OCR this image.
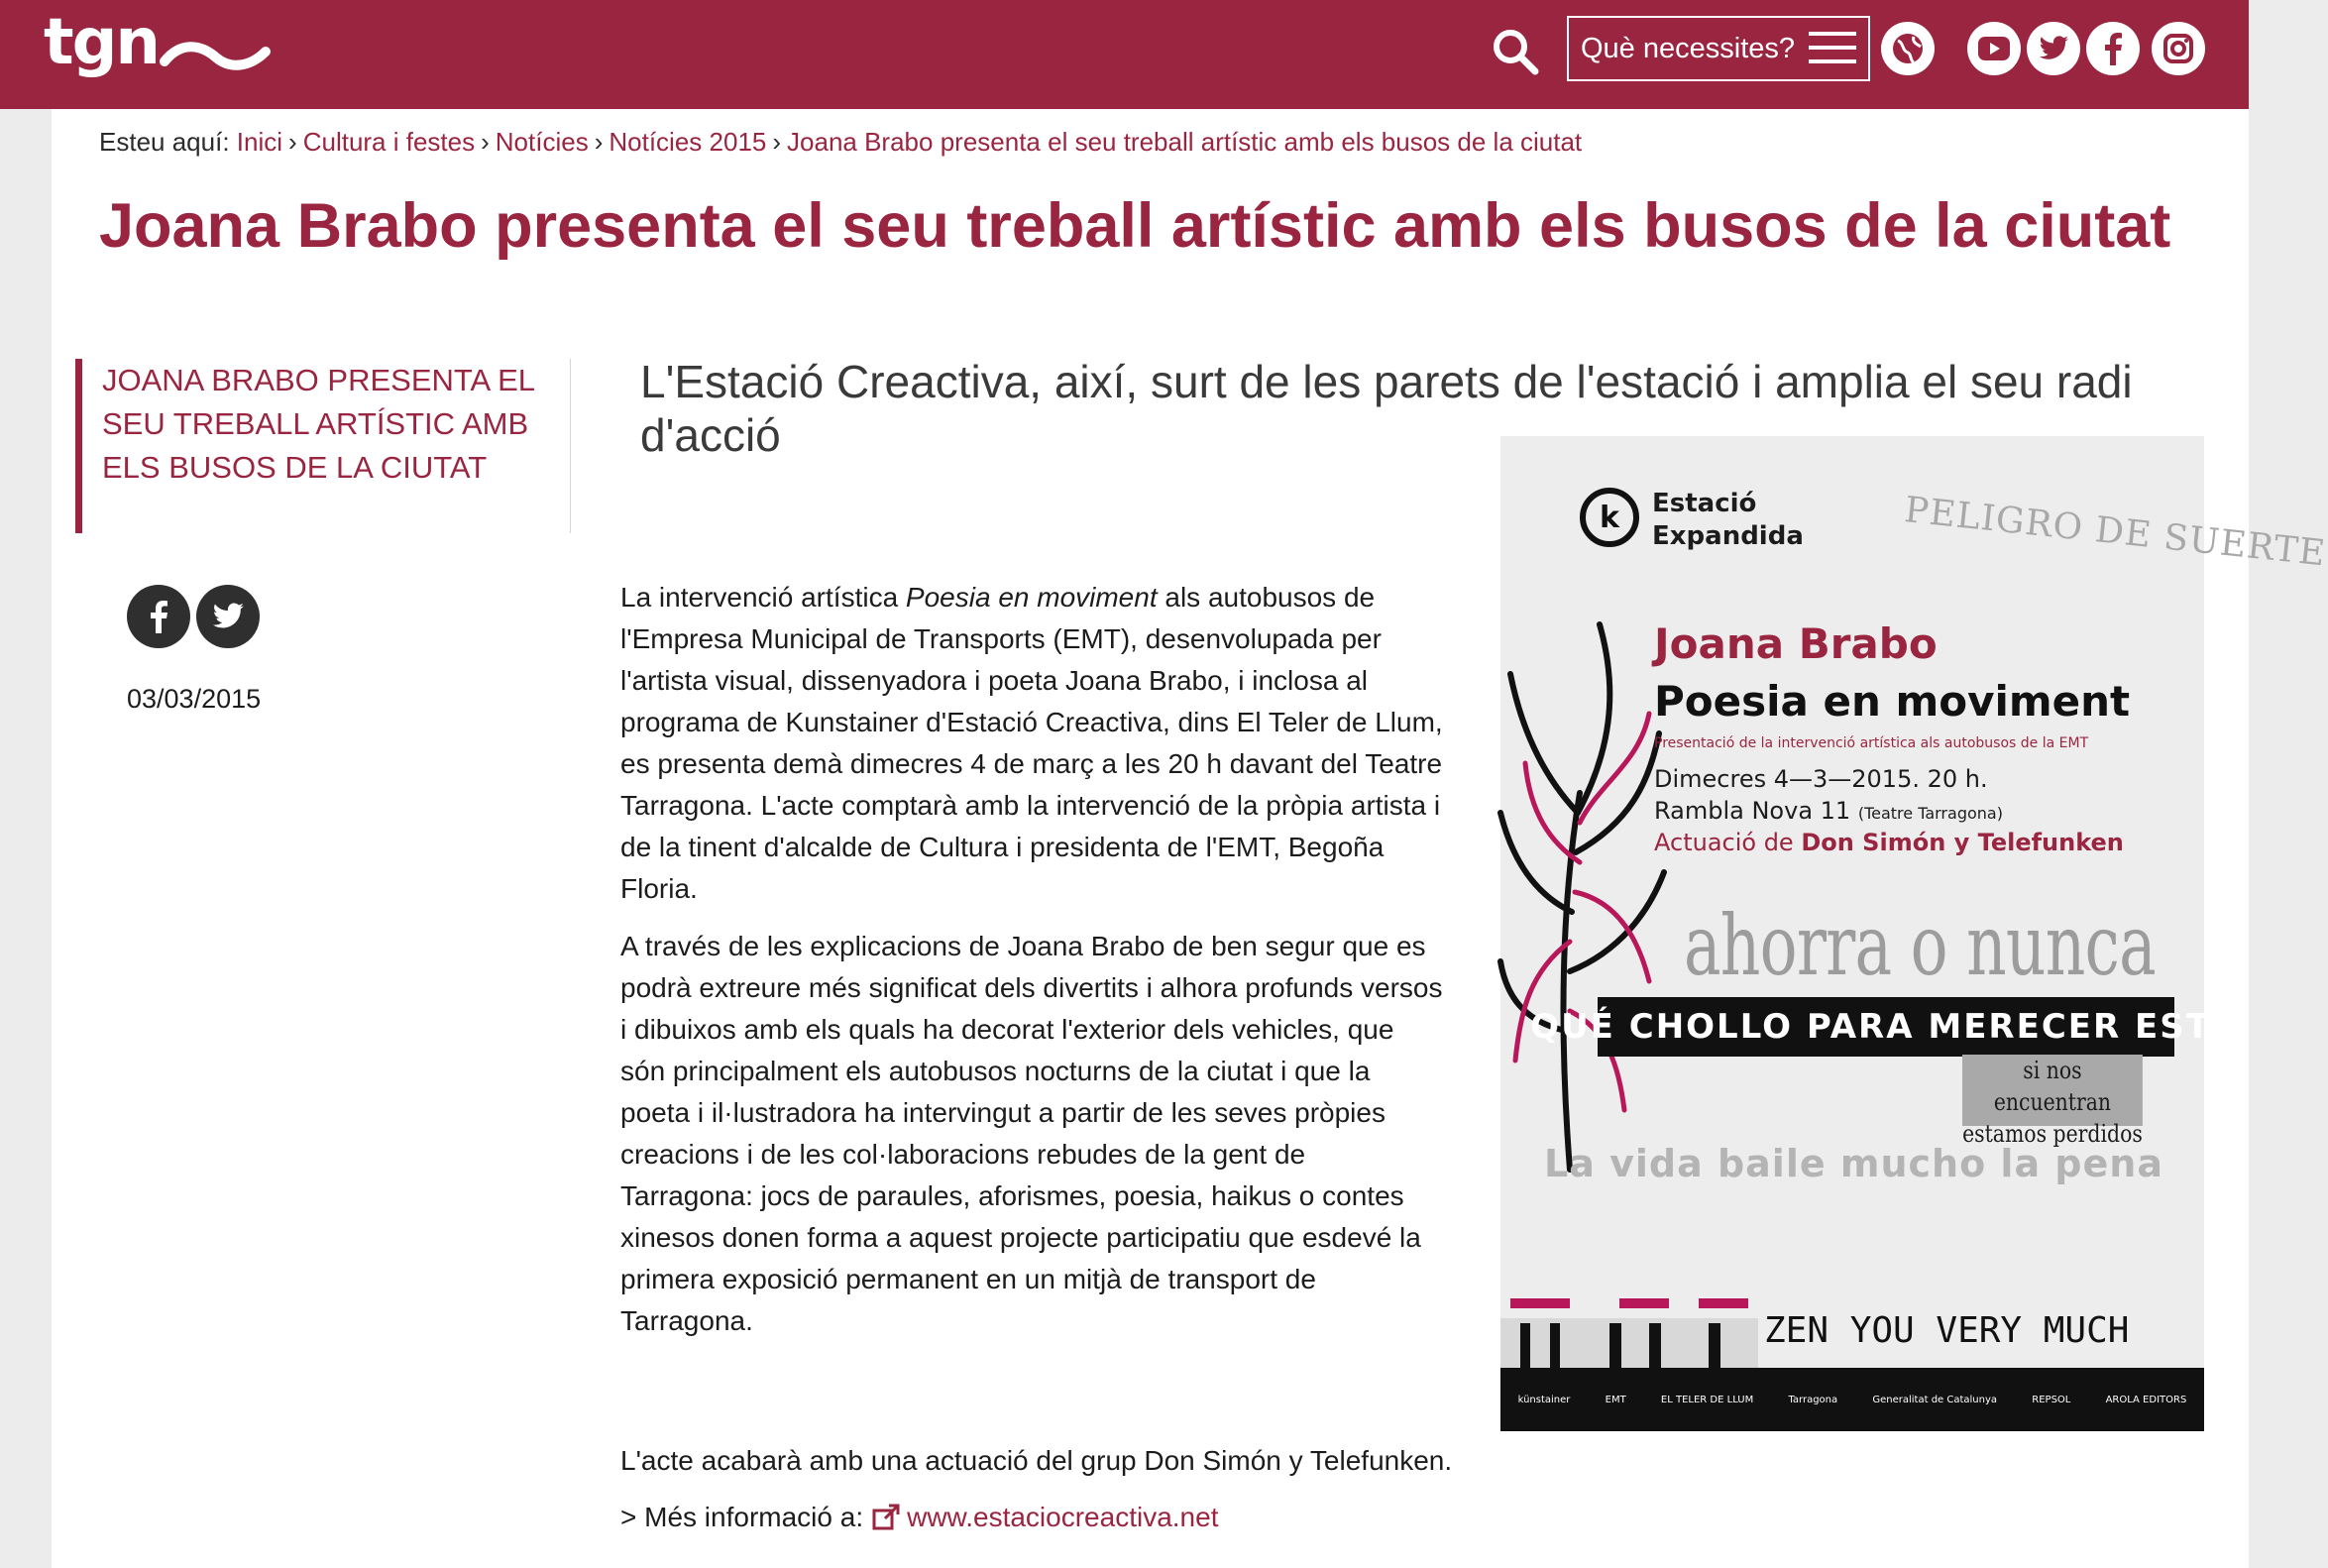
tgn	Què necessites?
Esteu aquí: Inici › Cultura i festes › Notícies › Notícies 2015 › Joana Brabo presenta el seu treball artístic amb els busos de la ciutat
Joana Brabo presenta el seu treball artístic amb els busos de la ciutat
JOANA BRABO PRESENTA EL SEU TREBALL ARTÍSTIC AMB ELS BUSOS DE LA CIUTAT
03/03/2015
L'Estació Creactiva, així, surt de les parets de l'estació i amplia el seu radi d'acció

La intervenció artística Poesia en moviment als autobusos de l'Empresa Municipal de Transports (EMT), desenvolupada per l'artista visual, dissenyadora i poeta Joana Brabo, i inclosa al programa de Kunstainer d'Estació Creactiva, dins El Teler de Llum, es presenta demà dimecres 4 de març a les 20 h davant del Teatre Tarragona. L'acte comptarà amb la intervenció de la pròpia artista i de la tinent d'alcalde de Cultura i presidenta de l'EMT, Begoña Floria.

A través de les explicacions de Joana Brabo de ben segur que es podrà extreure més significat dels divertits i alhora profunds versos i dibuixos amb els quals ha decorat l'exterior dels vehicles, que són principalment els autobusos nocturns de la ciutat i que la poeta i il·lustradora ha intervingut a partir de les seves pròpies creacions i de les col·laboracions rebudes de la gent de Tarragona: jocs de paraules, aforismes, poesia, haikus o contes xinesos donen forma a aquest projecte participatiu que esdevé la primera exposició permanent en un mitjà de transport de Tarragona.

L'acte acabarà amb una actuació del grup Don Simón y Telefunken.
> Més informació a: www.estaciocreactiva.net
k	Estació
Expandida	PELIGRO DE SUERTE
Joana Brabo
Poesia en moviment
Presentació de la intervenció artística als autobusos de la EMT
Dimecres 4—3—2015. 20 h.
Rambla Nova 11 (Teatre Tarragona)
Actuació de Don Simón y Telefunken
ahorra o nunca
QUÉ CHOLLO PARA MERECER ESTO
si nos encuentran
estamos perdidos
La vida baile mucho la pena
ZEN YOU VERY MUCH
künstainer	EMT	EL TELER DE LLUM	Tarragona	Generalitat de Catalunya	REPSOL	AROLA EDITORS
